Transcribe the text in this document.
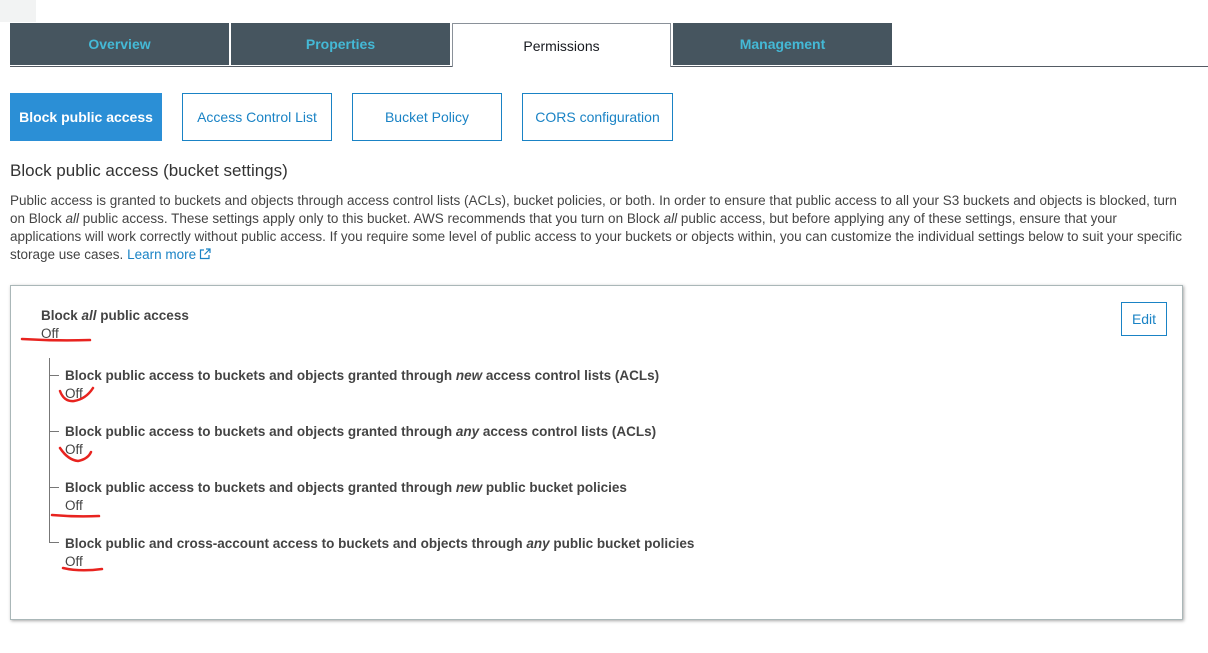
Overview	Properties	Permissions	Management
Block public access	Access Control List	Bucket Policy	CORS configuration
Block public access (bucket settings)
Public access is granted to buckets and objects through access control lists (ACLs), bucket policies, or both. In order to ensure that public access to all your S3 buckets and objects is blocked, turn on Block all public access. These settings apply only to this bucket. AWS recommends that you turn on Block all public access, but before applying any of these settings, ensure that your applications will work correctly without public access. If you require some level of public access to your buckets or objects within, you can customize the individual settings below to suit your specific storage use cases. Learn more
Edit
Block all public access
Off
Block public access to buckets and objects granted through new access control lists (ACLs)
Off
Block public access to buckets and objects granted through any access control lists (ACLs)
Off
Block public access to buckets and objects granted through new public bucket policies
Off
Block public and cross-account access to buckets and objects through any public bucket policies
Off
